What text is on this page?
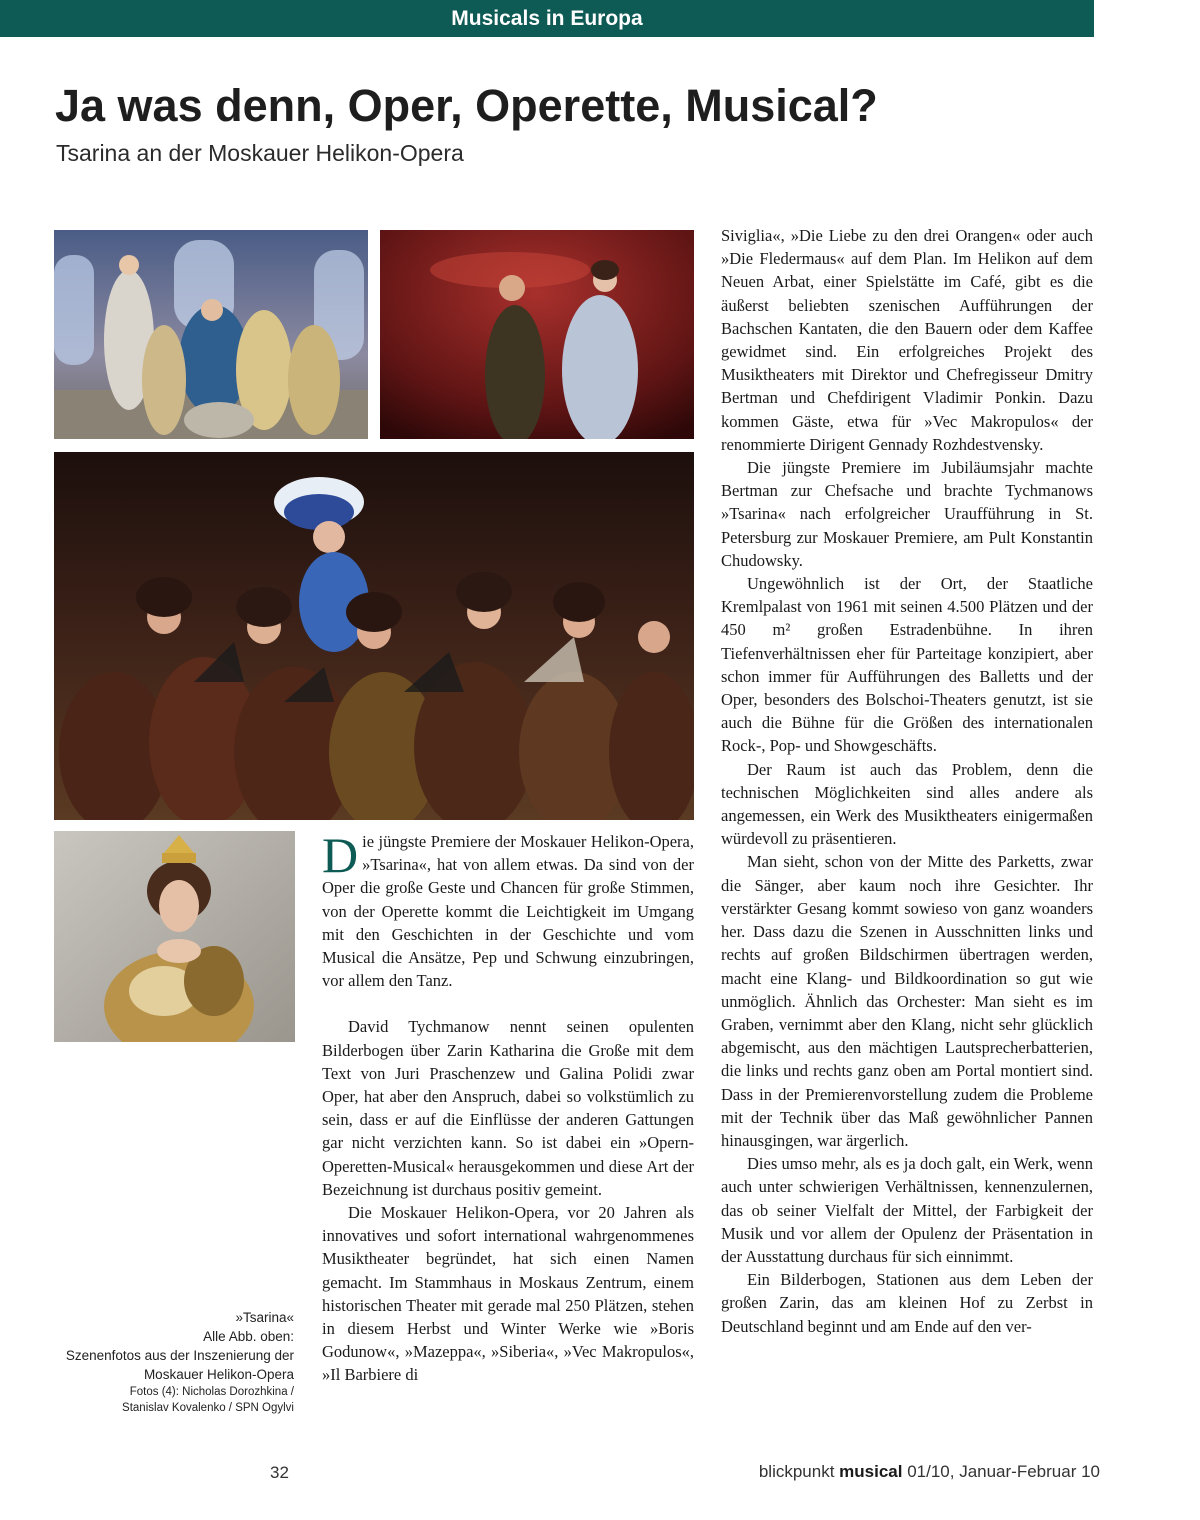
Musicals in Europa
Ja was denn, Oper, Operette, Musical?
Tsarina an der Moskauer Helikon-Opera
»Tsarina«
Alle Abb. oben:
Szenenfotos aus der Inszenierung der
Moskauer Helikon-Opera
Fotos (4): Nicholas Dorozhkina /
Stanislav Kovalenko / SPN Ogylvi

Die jüngste Premiere der Moskauer Helikon-Opera, »Tsarina«, hat von allem etwas. Da sind von der Oper die große Geste und Chancen für große Stimmen, von der Operette kommt die Leichtigkeit im Umgang mit den Geschichten in der Geschichte und vom Musical die Ansätze, Pep und Schwung einzubringen, vor allem den Tanz.

David Tychmanow nennt seinen opulenten Bilderbogen über Zarin Katharina die Große mit dem Text von Juri Praschenzew und Galina Polidi zwar Oper, hat aber den Anspruch, dabei so volkstümlich zu sein, dass er auf die Einflüsse der anderen Gattungen gar nicht verzichten kann. So ist dabei ein »Opern-Operetten-Musical« herausgekommen und diese Art der Bezeichnung ist durchaus positiv gemeint.

Die Moskauer Helikon-Opera, vor 20 Jahren als innovatives und sofort international wahrgenommenes Musiktheater begründet, hat sich einen Namen gemacht. Im Stammhaus in Moskaus Zentrum, einem historischen Theater mit gerade mal 250 Plätzen, stehen in diesem Herbst und Winter Werke wie »Boris Godunow«, »Mazeppa«, »Siberia«, »Vec Makropulos«, »Il Barbiere di

Siviglia«, »Die Liebe zu den drei Orangen« oder auch »Die Fledermaus« auf dem Plan. Im Helikon auf dem Neuen Arbat, einer Spielstätte im Café, gibt es die äußerst beliebten szenischen Aufführungen der Bachschen Kantaten, die den Bauern oder dem Kaffee gewidmet sind. Ein erfolgreiches Projekt des Musiktheaters mit Direktor und Chefregisseur Dmitry Bertman und Chefdirigent Vladimir Ponkin. Dazu kommen Gäste, etwa für »Vec Makropulos« der renommierte Dirigent Gennady Rozhdestvensky.

Die jüngste Premiere im Jubiläumsjahr machte Bertman zur Chefsache und brachte Tychmanows »Tsarina« nach erfolgreicher Uraufführung in St. Petersburg zur Moskauer Premiere, am Pult Konstantin Chudowsky.

Ungewöhnlich ist der Ort, der Staatliche Kremlpalast von 1961 mit seinen 4.500 Plätzen und der 450 m² großen Estradenbühne. In ihren Tiefenverhältnissen eher für Parteitage konzipiert, aber schon immer für Aufführungen des Balletts und der Oper, besonders des Bolschoi-Theaters genutzt, ist sie auch die Bühne für die Größen des internationalen Rock-, Pop- und Showgeschäfts.

Der Raum ist auch das Problem, denn die technischen Möglichkeiten sind alles andere als angemessen, ein Werk des Musiktheaters einigermaßen würdevoll zu präsentieren.

Man sieht, schon von der Mitte des Parketts, zwar die Sänger, aber kaum noch ihre Gesichter. Ihr verstärkter Gesang kommt sowieso von ganz woanders her. Dass dazu die Szenen in Ausschnitten links und rechts auf großen Bildschirmen übertragen werden, macht eine Klang- und Bildkoordination so gut wie unmöglich. Ähnlich das Orchester: Man sieht es im Graben, vernimmt aber den Klang, nicht sehr glücklich abgemischt, aus den mächtigen Lautsprecherbatterien, die links und rechts ganz oben am Portal montiert sind. Dass in der Premierenvorstellung zudem die Probleme mit der Technik über das Maß gewöhnlicher Pannen hinausgingen, war ärgerlich.

Dies umso mehr, als es ja doch galt, ein Werk, wenn auch unter schwierigen Verhältnissen, kennenzulernen, das ob seiner Vielfalt der Mittel, der Farbigkeit der Musik und vor allem der Opulenz der Präsentation in der Ausstattung durchaus für sich einnimmt.

Ein Bilderbogen, Stationen aus dem Leben der großen Zarin, das am kleinen Hof zu Zerbst in Deutschland beginnt und am Ende auf den ver-

32	blickpunkt musical 01/10, Januar-Februar 10
